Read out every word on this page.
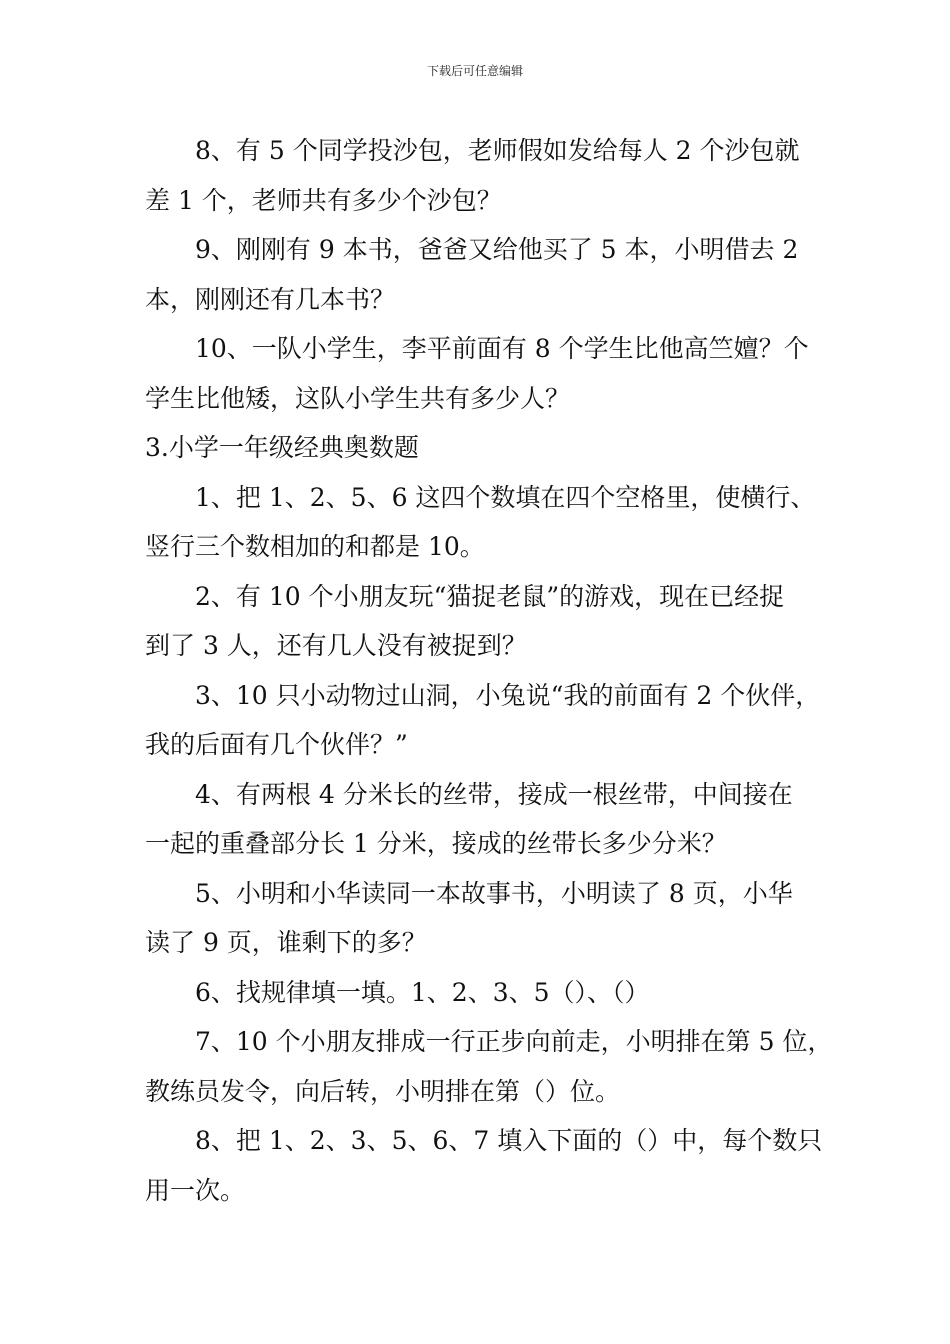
下载后可任意编辑
8、有 5 个同学投沙包，老师假如发给每人 2 个沙包就
差 1 个，老师共有多少个沙包？
9、刚刚有 9 本书，爸爸又给他买了 5 本，小明借去 2
本，刚刚还有几本书？
10、一队小学生，李平前面有 8 个学生比他高竺嬗？个
学生比他矮，这队小学生共有多少人？
3.小学一年级经典奥数题
1、把 1、2、5、6 这四个数填在四个空格里，使横行、
竖行三个数相加的和都是 10。
2、有 10 个小朋友玩“猫捉老鼠”的游戏，现在已经捉
到了 3 人，还有几人没有被捉到？
3、10 只小动物过山洞，小兔说“我的前面有 2 个伙伴，
我的后面有几个伙伴？”
4、有两根 4 分米长的丝带，接成一根丝带，中间接在
一起的重叠部分长 1 分米，接成的丝带长多少分米？
5、小明和小华读同一本故事书，小明读了 8 页，小华
读了 9 页，谁剩下的多？
6、找规律填一填。1、2、3、5（）、（）
7、10 个小朋友排成一行正步向前走，小明排在第 5 位，
教练员发令，向后转，小明排在第（）位。
8、把 1、2、3、5、6、7 填入下面的（）中，每个数只
用一次。
